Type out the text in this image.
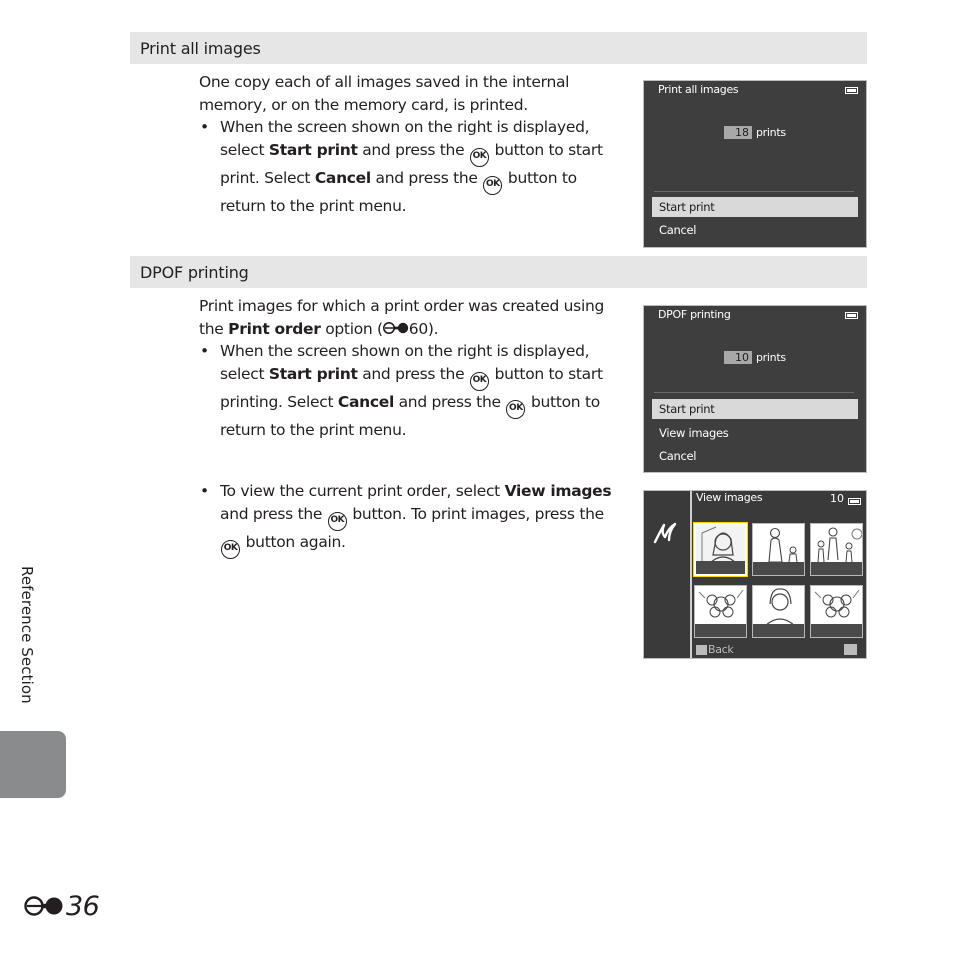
Print all images

One copy each of all images saved in the internal memory, or on the memory card, is printed.

• When the screen shown on the right is displayed, select Start print and press the OK button to start print. Select Cancel and press the OK button to return to the print menu.
Print all images
18 prints
Start print
Cancel
DPOF printing

Print images for which a print order was created using the Print order option ( 60).

• When the screen shown on the right is displayed, select Start print and press the OK button to start printing. Select Cancel and press the OK button to return to the print menu.
DPOF printing
10 prints
Start print
View images
Cancel
• To view the current print order, select View images and press the OK button. To print images, press the OK button again.
View images	10
Back
Reference Section
36
